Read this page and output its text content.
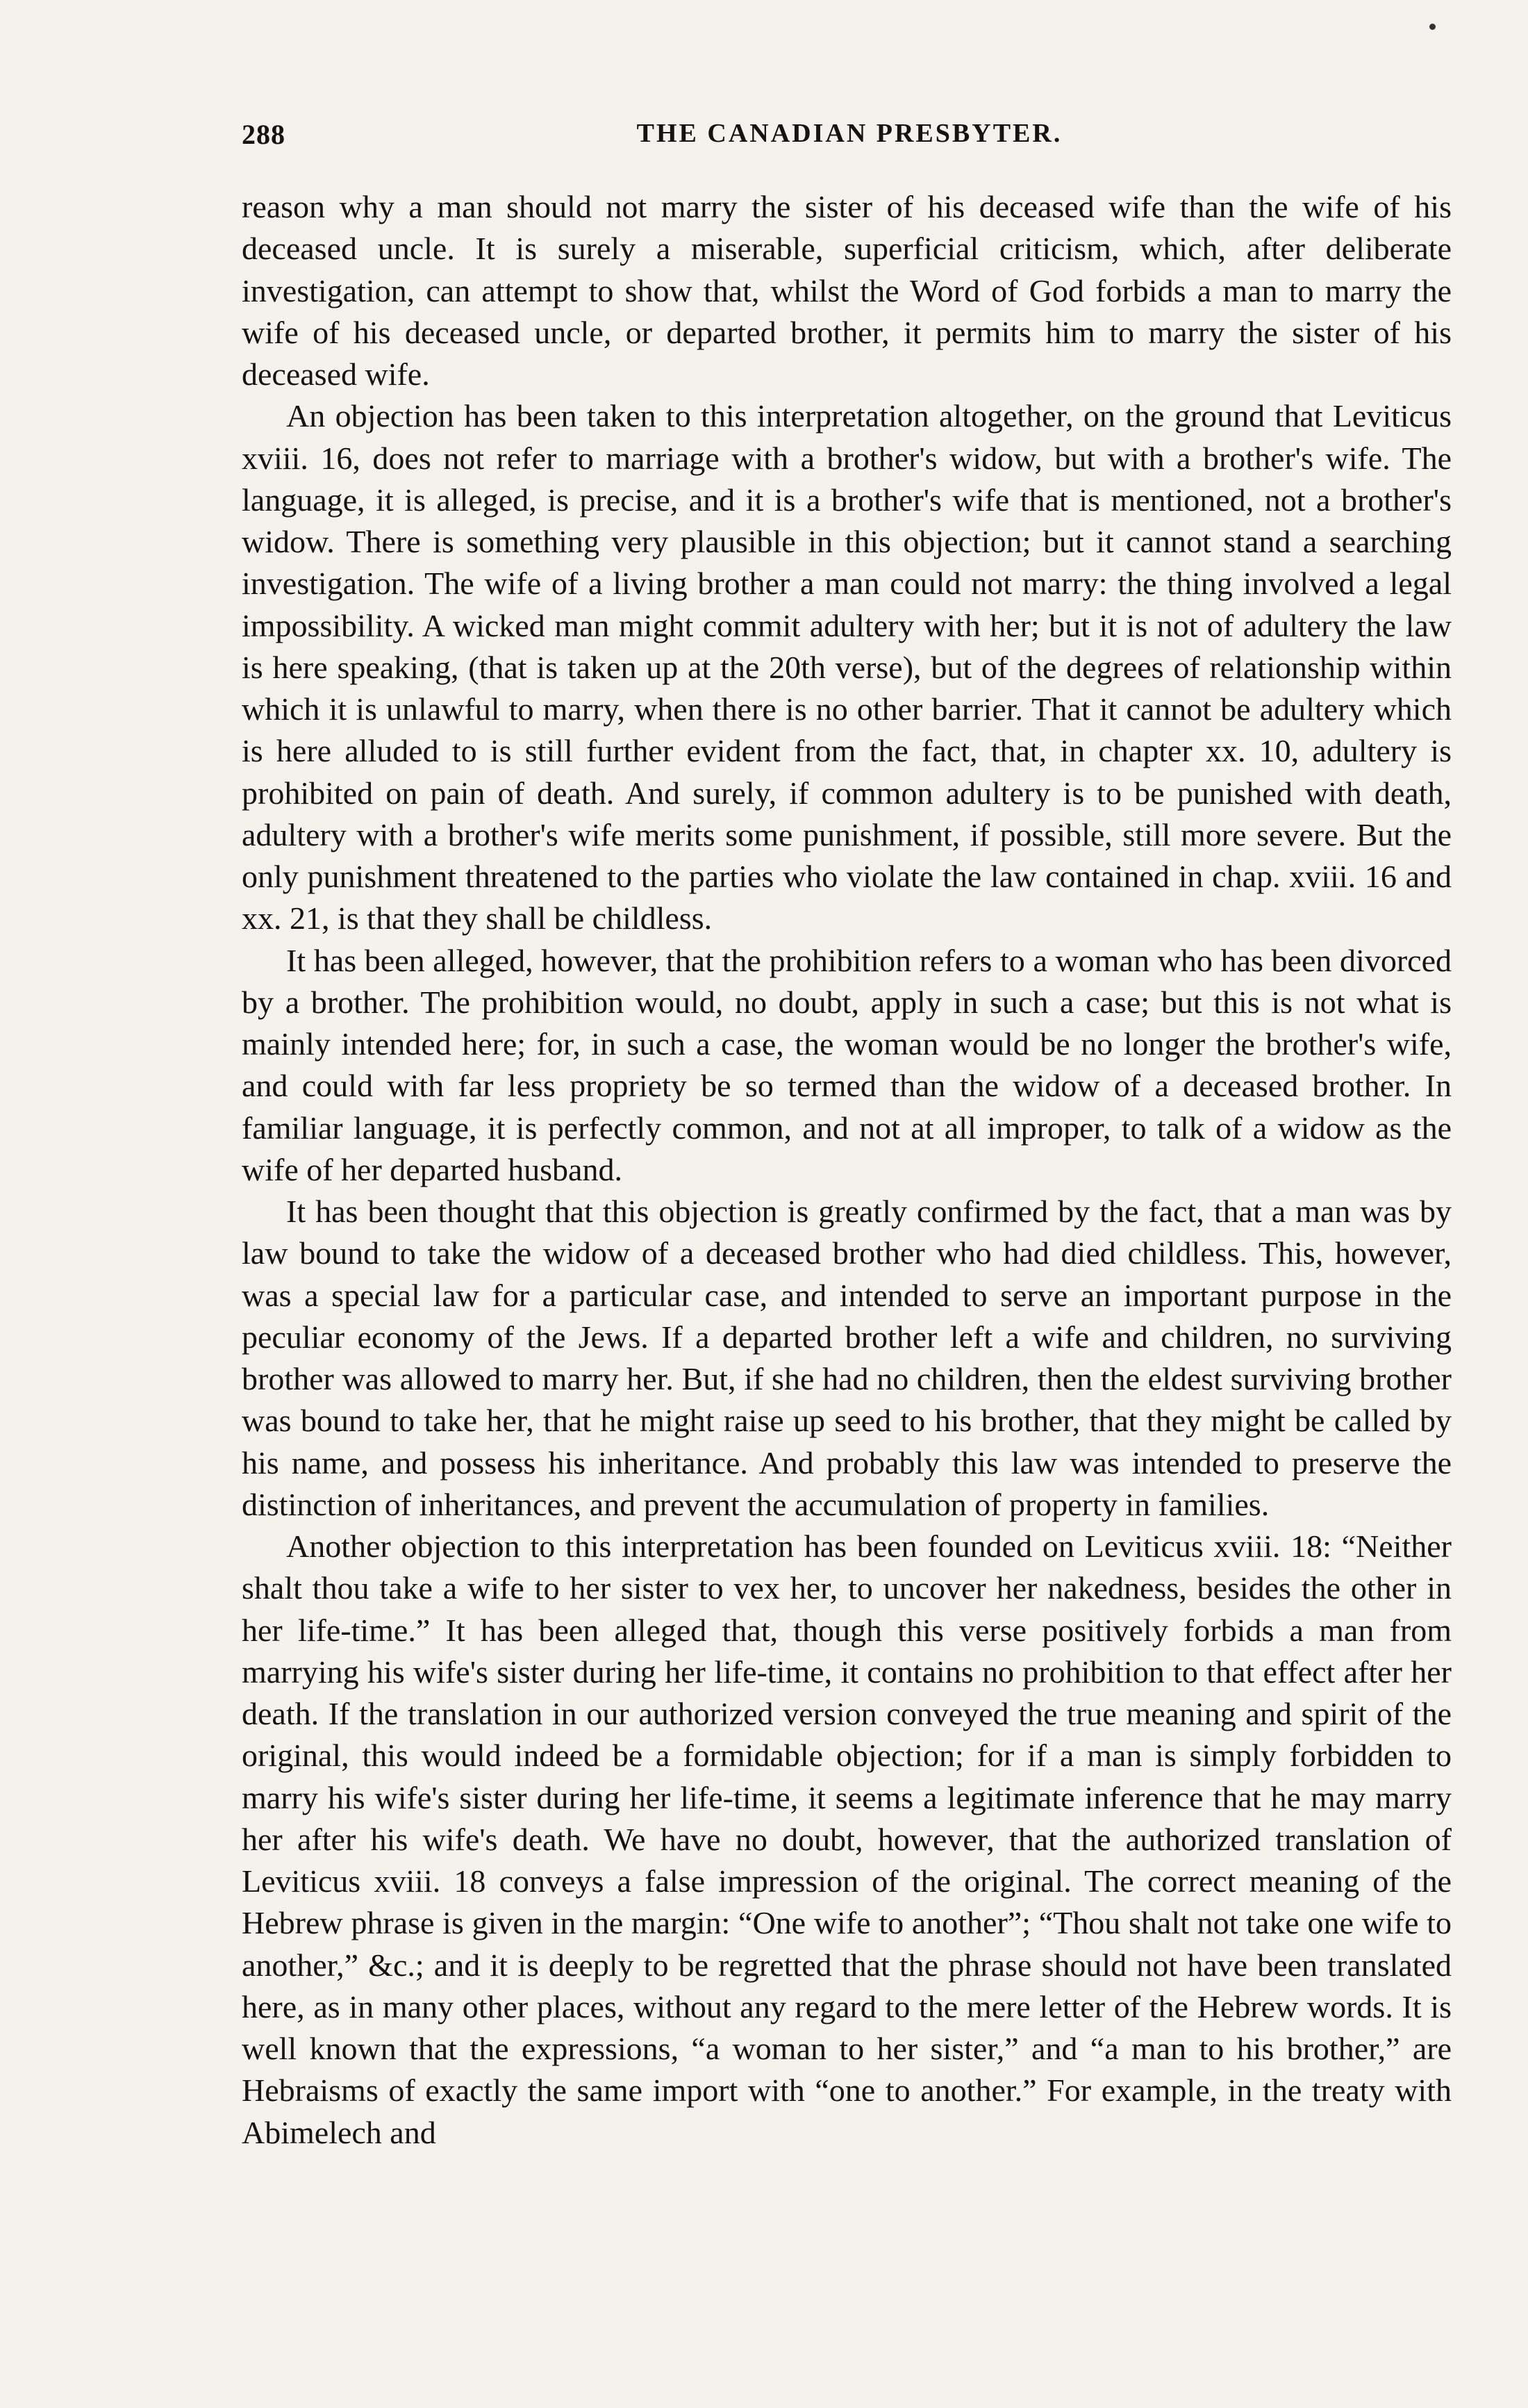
288	THE CANADIAN PRESBYTER.

reason why a man should not marry the sister of his deceased wife than the wife of his deceased uncle. It is surely a miserable, superficial criticism, which, after deliberate investigation, can attempt to show that, whilst the Word of God forbids a man to marry the wife of his deceased uncle, or departed brother, it permits him to marry the sister of his deceased wife.

An objection has been taken to this interpretation altogether, on the ground that Leviticus xviii. 16, does not refer to marriage with a brother's widow, but with a brother's wife. The language, it is alleged, is precise, and it is a brother's wife that is mentioned, not a brother's widow. There is something very plausible in this objection; but it cannot stand a searching investigation. The wife of a living brother a man could not marry: the thing involved a legal impossibility. A wicked man might commit adultery with her; but it is not of adultery the law is here speaking, (that is taken up at the 20th verse), but of the degrees of relationship within which it is unlawful to marry, when there is no other barrier. That it cannot be adultery which is here alluded to is still further evident from the fact, that, in chapter xx. 10, adultery is prohibited on pain of death. And surely, if common adultery is to be punished with death, adultery with a brother's wife merits some punishment, if possible, still more severe. But the only punishment threatened to the parties who violate the law contained in chap. xviii. 16 and xx. 21, is that they shall be childless.

It has been alleged, however, that the prohibition refers to a woman who has been divorced by a brother. The prohibition would, no doubt, apply in such a case; but this is not what is mainly intended here; for, in such a case, the woman would be no longer the brother's wife, and could with far less propriety be so termed than the widow of a deceased brother. In familiar language, it is perfectly common, and not at all improper, to talk of a widow as the wife of her departed husband.

It has been thought that this objection is greatly confirmed by the fact, that a man was by law bound to take the widow of a deceased brother who had died childless. This, however, was a special law for a particular case, and intended to serve an important purpose in the peculiar economy of the Jews. If a departed brother left a wife and children, no surviving brother was allowed to marry her. But, if she had no children, then the eldest surviving brother was bound to take her, that he might raise up seed to his brother, that they might be called by his name, and possess his inheritance. And probably this law was intended to preserve the distinction of inheritances, and prevent the accumulation of property in families.

Another objection to this interpretation has been founded on Leviticus xviii. 18: “Neither shalt thou take a wife to her sister to vex her, to uncover her nakedness, besides the other in her life-time.” It has been alleged that, though this verse positively forbids a man from marrying his wife's sister during her life-time, it contains no prohibition to that effect after her death. If the translation in our authorized version conveyed the true meaning and spirit of the original, this would indeed be a formidable objection; for if a man is simply forbidden to marry his wife's sister during her life-time, it seems a legitimate inference that he may marry her after his wife's death. We have no doubt, however, that the authorized translation of Leviticus xviii. 18 conveys a false impression of the original. The correct meaning of the Hebrew phrase is given in the margin: “One wife to another”; “Thou shalt not take one wife to another,” &c.; and it is deeply to be regretted that the phrase should not have been translated here, as in many other places, without any regard to the mere letter of the Hebrew words. It is well known that the expressions, “a woman to her sister,” and “a man to his brother,” are Hebraisms of exactly the same import with “one to another.” For example, in the treaty with Abimelech and
